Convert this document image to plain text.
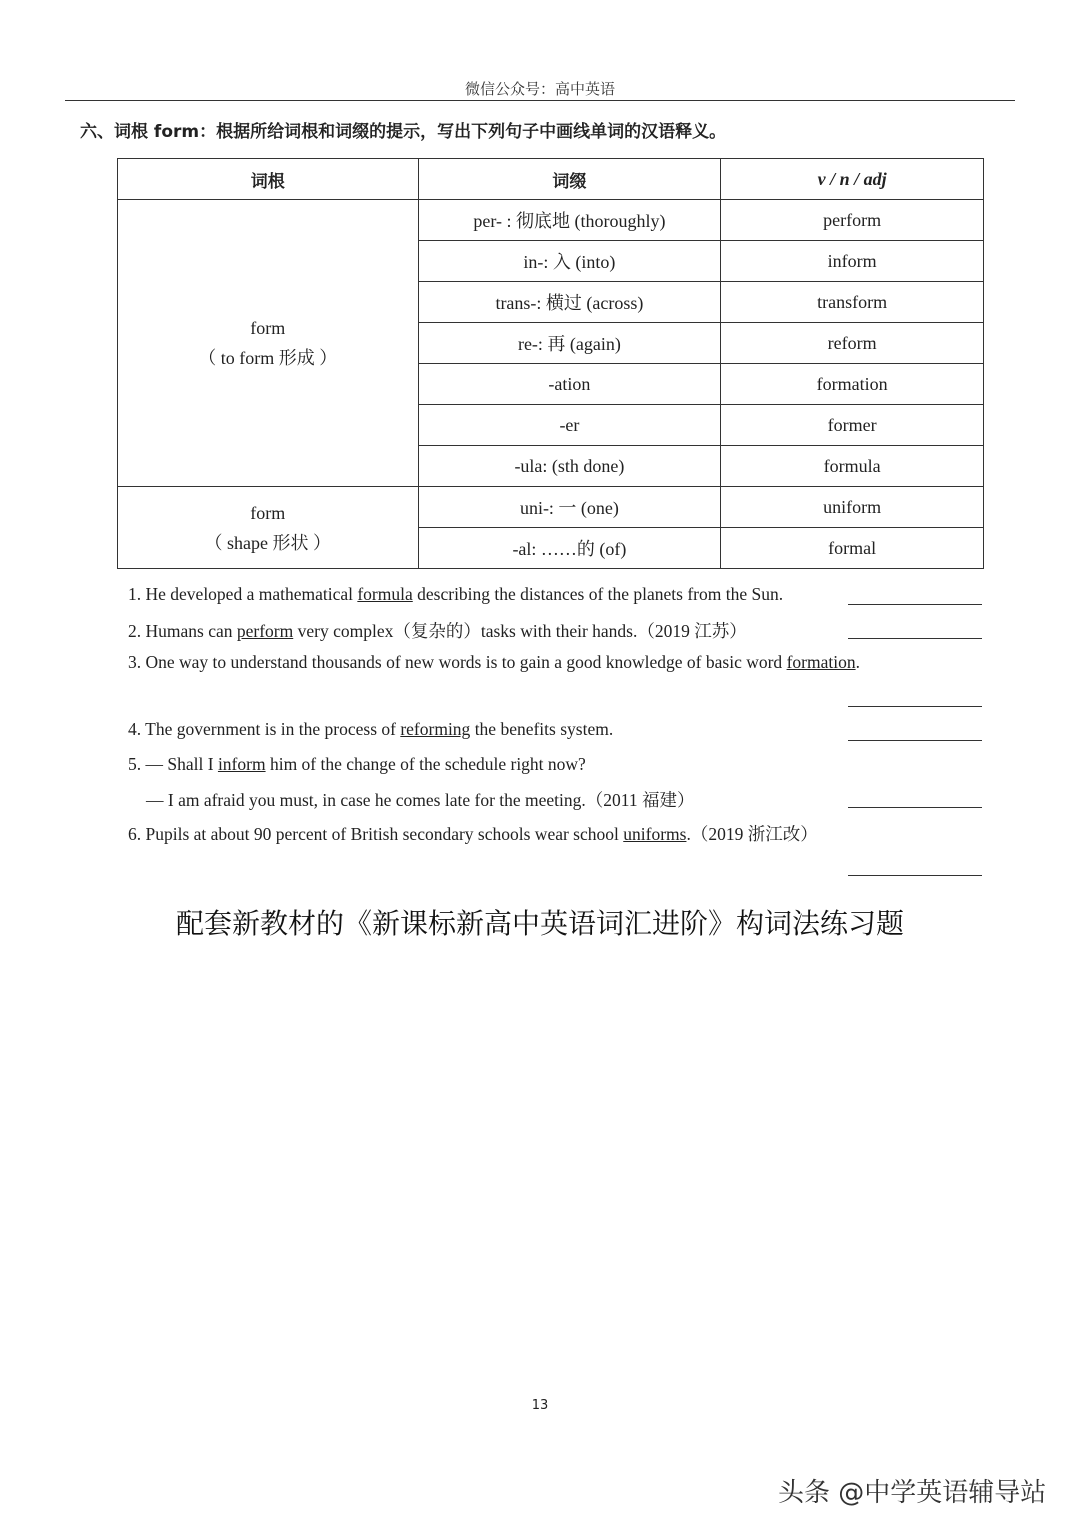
微信公众号：高中英语
六、词根 form：根据所给词根和词缀的提示，写出下列句子中画线单词的汉语释义。
词根	词缀	v / n / adj

form
（ to form 形成 ）	per- : 彻底地 (thoroughly)	perform
	in-: 入 (into)	inform
	trans-: 横过 (across)	transform
	re-: 再 (again)	reform
	-ation	formation
	-er	former
	-ula: (sth done)	formula

form
（ shape 形状 ）	uni-: 一 (one)	uniform
	-al: ……的 (of)	formal
1. He developed a mathematical formula describing the distances of the planets from the Sun.
2. Humans can perform very complex（复杂的）tasks with their hands.（2019 江苏）
3. One way to understand thousands of new words is to gain a good knowledge of basic word formation.
4. The government is in the process of reforming the benefits system.
5. — Shall I inform him of the change of the schedule right now?
— I am afraid you must, in case he comes late for the meeting.（2011 福建）
6. Pupils at about 90 percent of British secondary schools wear school uniforms.（2019 浙江改）
配套新教材的《新课标新高中英语词汇进阶》构词法练习题
13
头条 @中学英语辅导站
